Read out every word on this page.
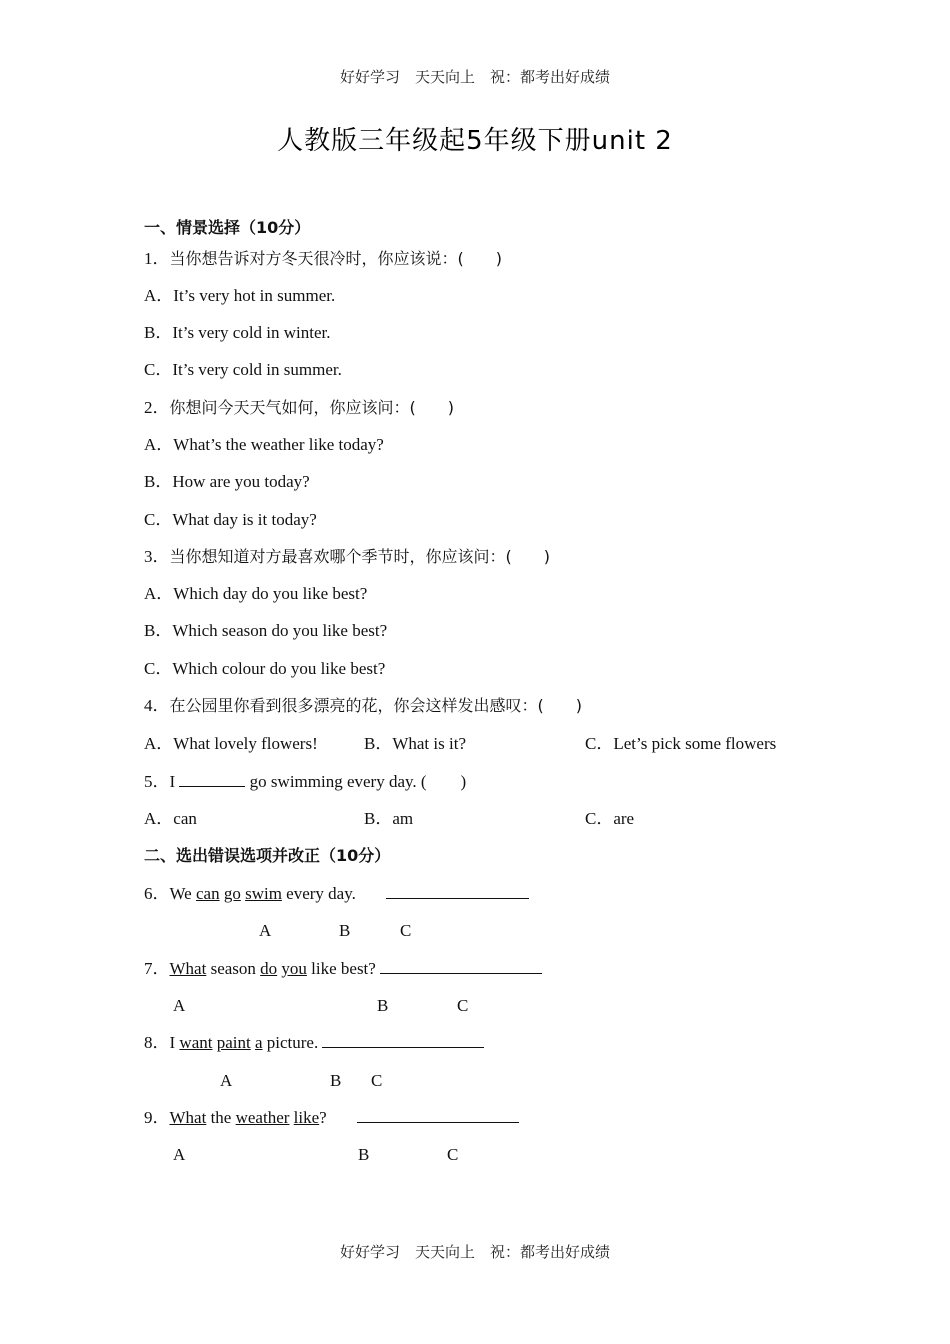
好好学习　天天向上　祝：都考出好成绩
人教版三年级起5年级下册unit 2
一、情景选择（10分）
1．当你想告诉对方冬天很冷时，你应该说：(　　)
A．It’s very hot in summer.
B．It’s very cold in winter.
C．It’s very cold in summer.
2．你想问今天天气如何，你应该问：(　　)
A．What’s the weather like today?
B．How are you today?
C．What day is it today?
3．当你想知道对方最喜欢哪个季节时，你应该问：(　　)
A．Which day do you like best?
B．Which season do you like best?
C．Which colour do you like best?
4．在公园里你看到很多漂亮的花，你会这样发出感叹：(　　)
A．What lovely flowers!	B．What is it?	C．Let’s pick some flowers
5．I	go swimming every day. (　　)
A．can	B．am	C．are
二、选出错误选项并改正（10分）
6．We can go swim every day.
A	B	C
7．What season do you like best?
A	B	C
8．I want paint a picture.
A	B C
9．What the weather like?
A	B	C
好好学习　天天向上　祝：都考出好成绩
